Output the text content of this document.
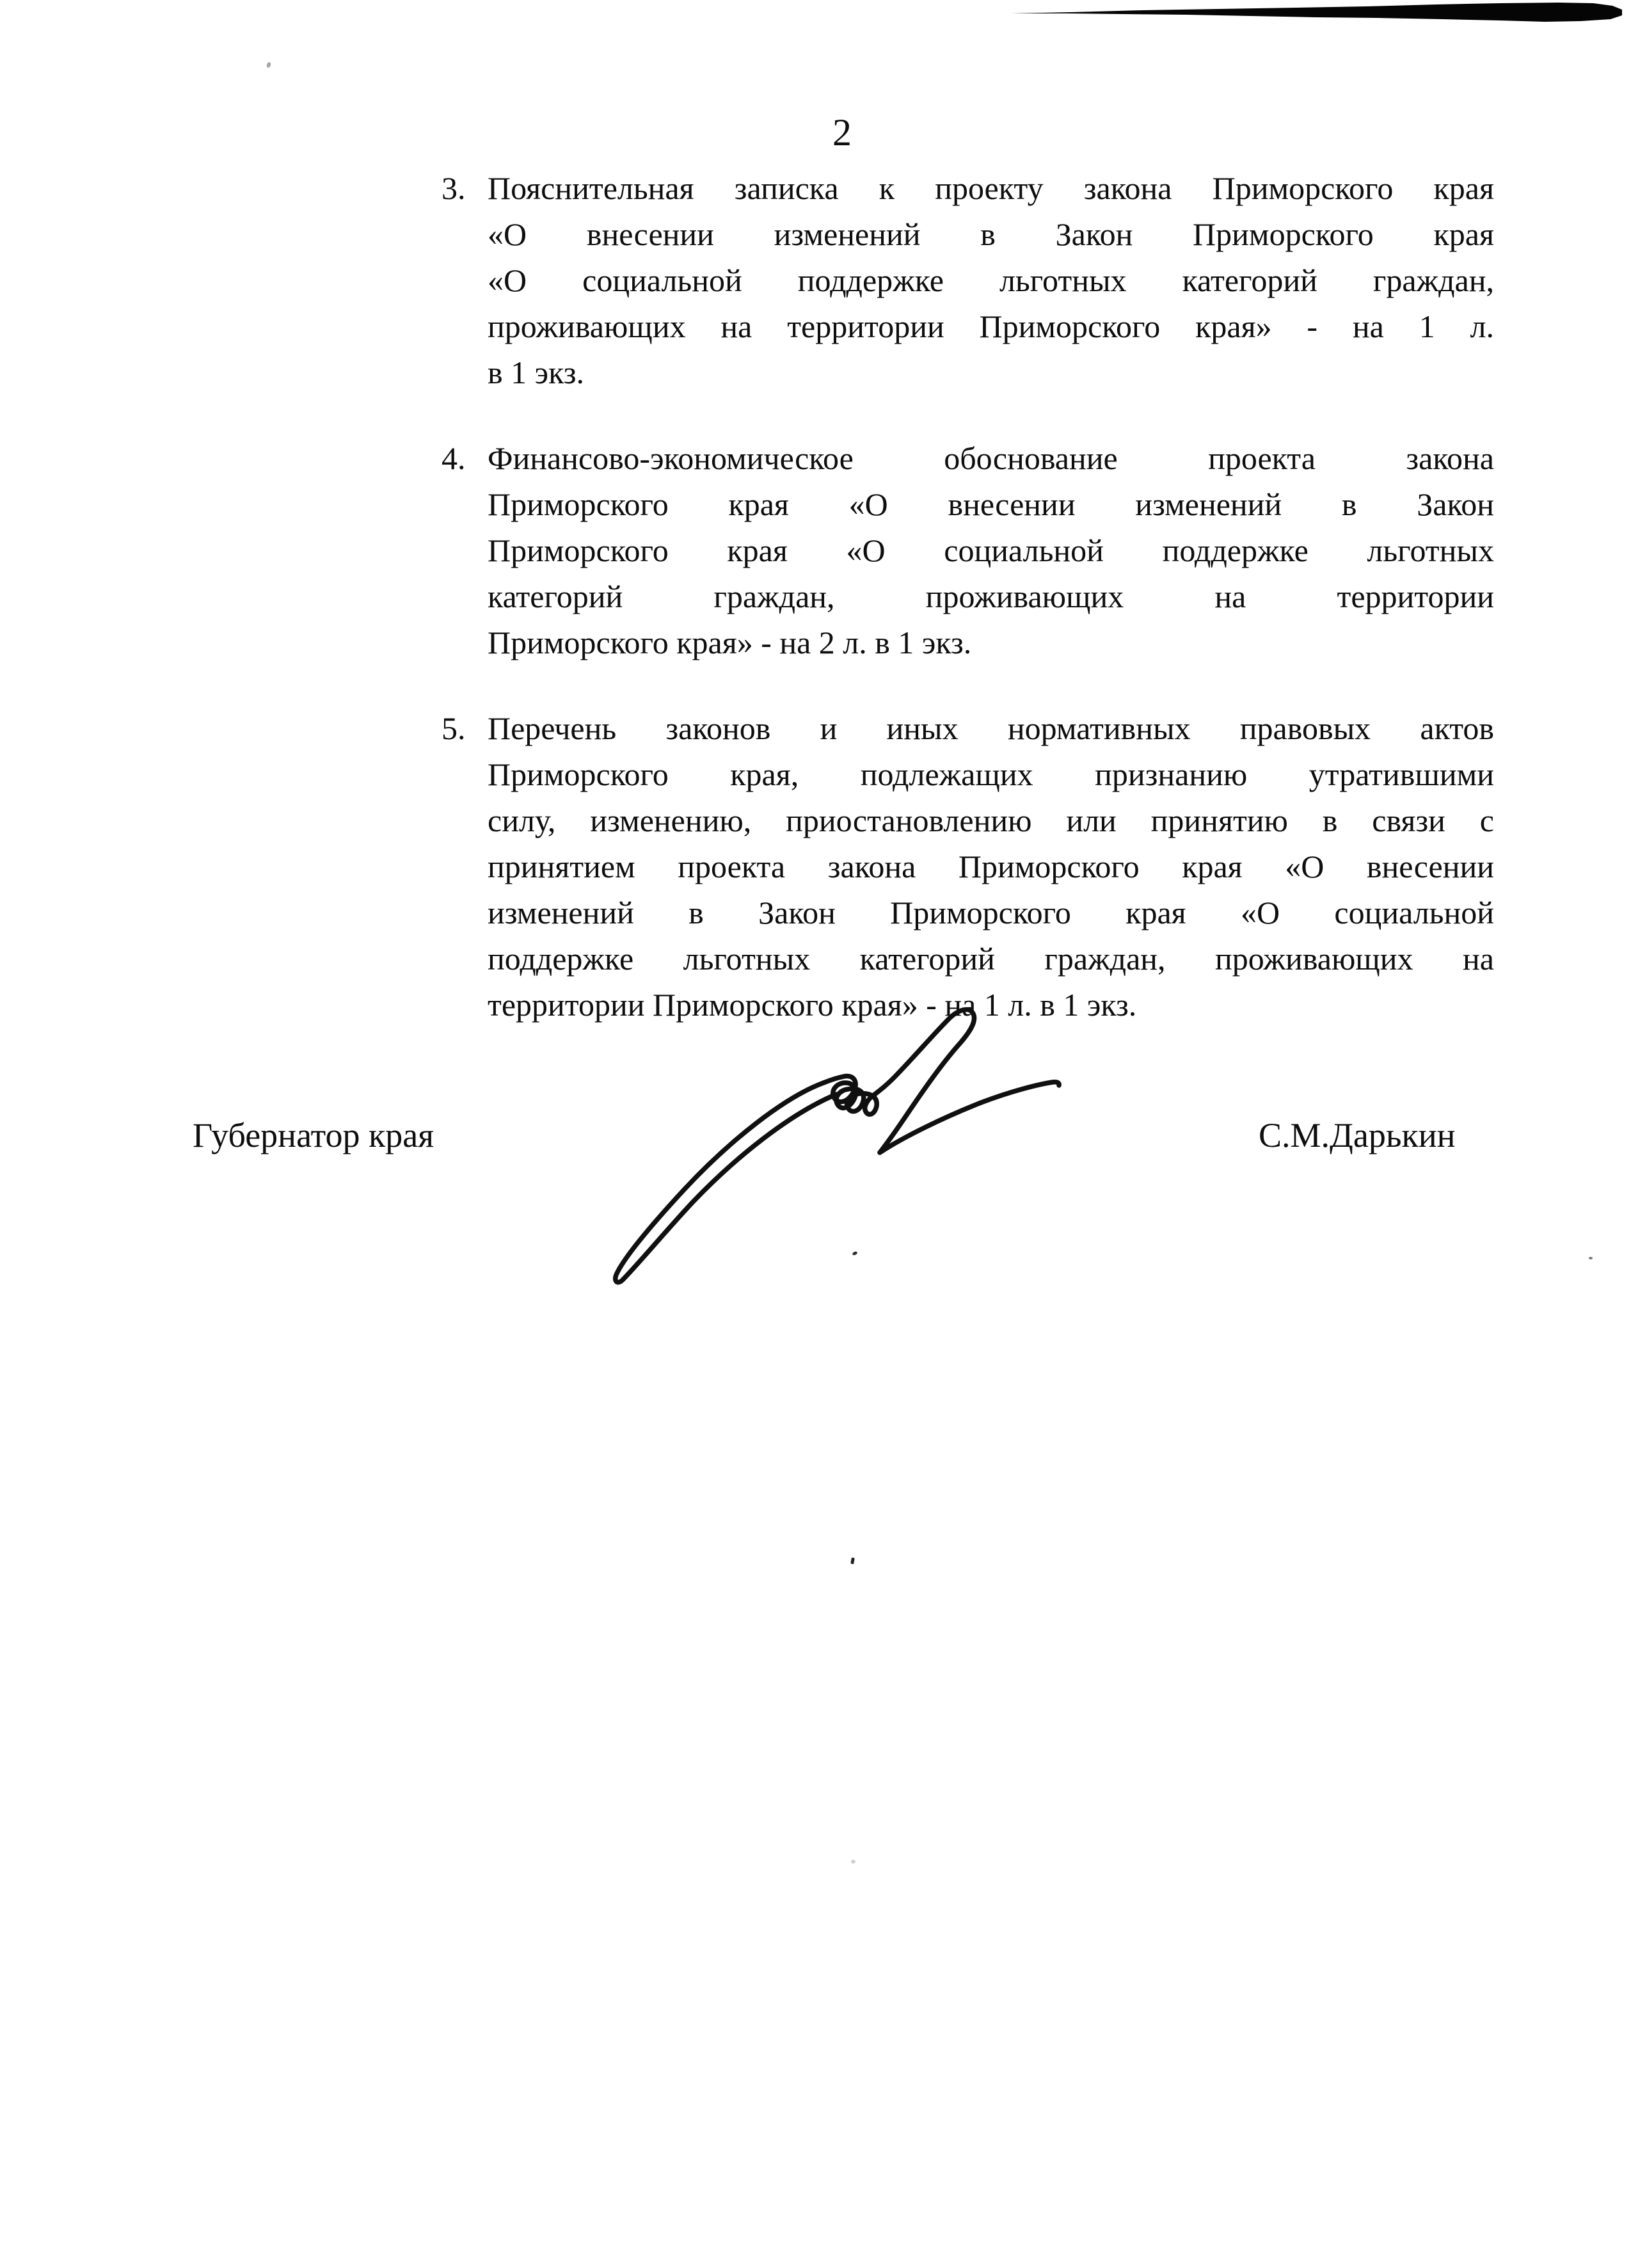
2
3. Пояснительная записка к проекту закона Приморского края
«О внесении изменений в Закон Приморского края
«О социальной поддержке льготных категорий граждан,
проживающих на территории Приморского края» - на 1 л.
в 1 экз.
4. Финансово-экономическое обоснование проекта закона
Приморского края «О внесении изменений в Закон
Приморского края «О социальной поддержке льготных
категорий граждан, проживающих на территории
Приморского края» - на 2 л. в 1 экз.
5. Перечень законов и иных нормативных правовых актов
Приморского края, подлежащих признанию утратившими
силу, изменению, приостановлению или принятию в связи с
принятием проекта закона Приморского края «О внесении
изменений в Закон Приморского края «О социальной
поддержке льготных категорий граждан, проживающих на
территории Приморского края» - на 1 л. в 1 экз.
Губернатор края	С.М.Дарькин
